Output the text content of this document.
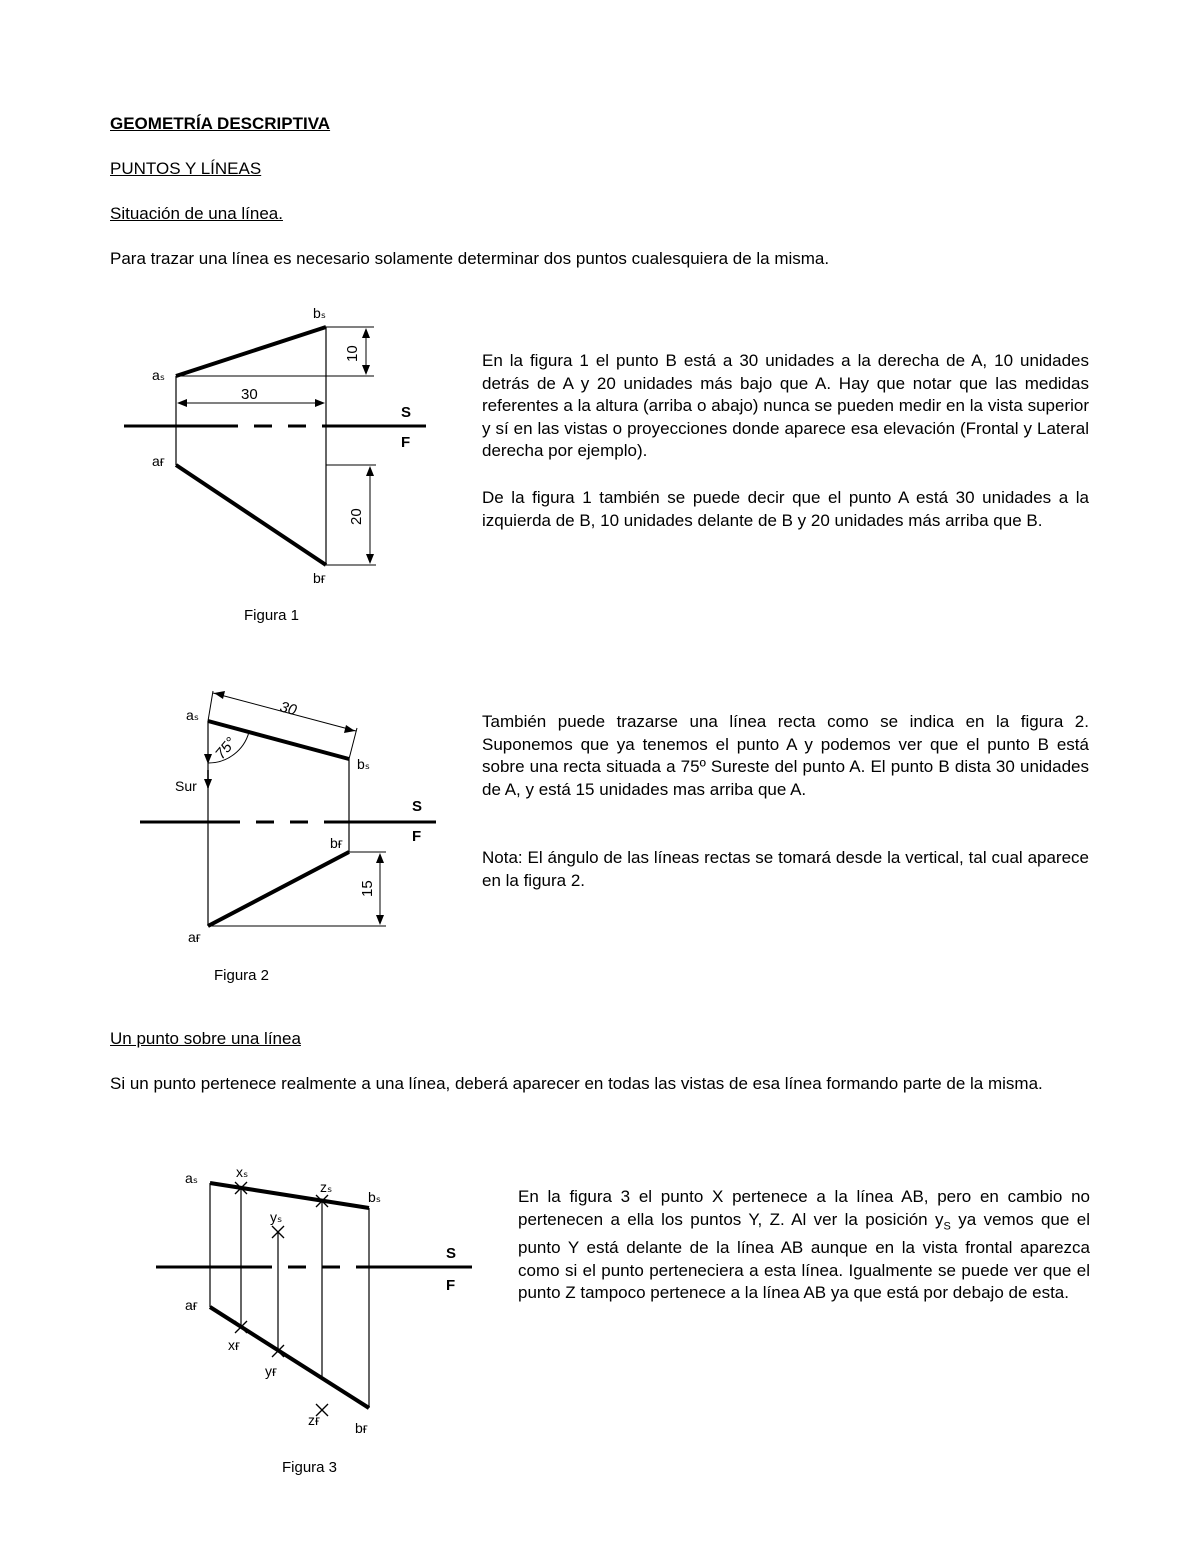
GEOMETRÍA DESCRIPTIVA
PUNTOS Y LÍNEAS
Situación de una línea.
Para trazar una línea es necesario solamente determinar dos puntos cualesquiera de la misma.
bₛ
aₛ
aғ
bғ
30
10
20
S
F
Figura 1
En la figura 1 el punto B está a 30 unidades a la derecha de A, 10 unidades detrás de A y 20 unidades más bajo que A. Hay que notar que las medidas referentes a la altura (arriba o abajo) nunca se pueden medir en la vista superior y sí en las vistas o proyecciones donde aparece esa elevación (Frontal y Lateral derecha por ejemplo).
De la figura 1 también se puede decir que el punto A está 30 unidades a la izquierda de B, 10 unidades delante de B y 20 unidades más arriba que B.
aₛ	30
75°
bₛ
Sur
S
F
bғ
15
aғ
Figura 2
También puede trazarse una línea recta como se indica en la figura 2. Suponemos que ya tenemos el punto A y podemos ver que el punto B está sobre una recta situada a 75º Sureste del punto A. El punto B dista 30 unidades de A, y está 15 unidades mas arriba que A.
Nota: El ángulo de las líneas rectas se tomará desde la vertical, tal cual aparece en la figura 2.
Un punto sobre una línea
Si un punto pertenece realmente a una línea, deberá aparecer en todas las vistas de esa línea formando parte de la misma.
aₛ	xₛ
zₛ
bₛ
yₛ
S
F
aғ
xғ
yғ
zғ bғ
Figura 3
En la figura 3 el punto X pertenece a la línea AB, pero en cambio no pertenecen a ella los puntos Y, Z. Al ver la posición $y_S$ ya vemos que el punto Y está delante de la línea AB aunque en la vista frontal aparezca como si el punto perteneciera a esta línea. Igualmente se puede ver que el punto Z tampoco pertenece a la línea AB ya que está por debajo de esta.
